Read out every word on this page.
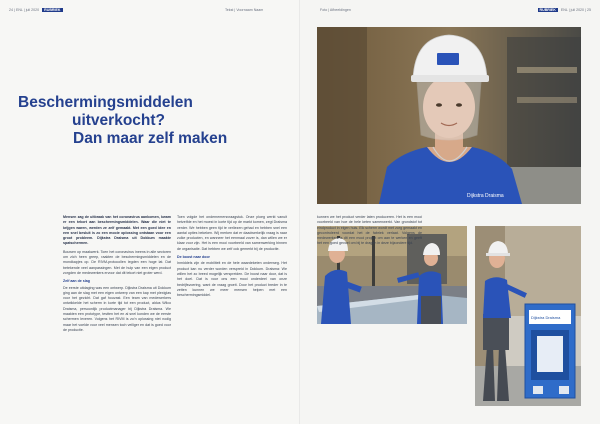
24 | ENL | juli 2020 RUBRIEK	Tekst | Voornaam Naam
Beschermingsmiddelen
uitverkocht?
Dan maar zelf maken

Mensen zag de uitbraak van het coronavirus aankomen, kwam er een tekort aan beschermingsmiddelen. Waar die niet te krijgen waren, werden ze zelf gemaakt. Met een goed idee en een snel besluit is zo een mooie oplossing ontstaan voor een groot probleem. Dijkstra Draisma uit Dokkum maakte spatschermen.

Bouwen op maakwerk. Toen het coronavirus ineens in alle sectoren om zich heen greep, raakten de beschermingsmiddelen en de mondkapjes op. De RIVM-protocollen legden een hoge lat. Dat betekende veel aanpassingen. Met de hulp van een eigen product zorgden de medewerkers ervoor dat dit tekort niet groter werd.

Zelf aan de slag

De eerste uitdaging was een ontwerp. Dijkstra Draisma uit Dokkum ging aan de slag met een eigen ontwerp van een kap met plexiglas voor het gezicht. Dat gaf houvast. Een team van medewerkers ontwikkelde het scherm in korte tijd tot een product, aldus Wilco Draisma, persoonlijk productmanager bij Dijkstra Draisma. We maakten een prototype, testten het en al snel konden we de eerste schermen leveren. Volgens het RIVM is zo'n oplossing niet nodig maar het voelde voor veel mensen toch veiliger en dat is goed voor de productie.

Toen volgde het ondernemersvraagstuk. Onze ploeg werkt vanuit hetzelfde en het moest in korte tijd op de markt komen, zegt Draisma verder. We hebben geen tijd te verliezen gehad en hebben snel een aantal opties bekeken. Wij merken dat er daadwerkelijk vraag is naar zulke producten, en wanneer het eenmaal zover is, dan willen we er klaar voor zijn. Het is een mooi voorbeeld van samenwerking binnen de organisatie. Dat hebben we zelf ook gemerkt bij de productie.

De boost naar door

Inmiddels zijn de mobiliteit en de hele waardeketen onderweg. Het product kan nu verder worden verspreid in Dokkum. Draisma: We willen het zo breed mogelijk verspreiden. De boost naar door, dat is het doel. Dat is voor ons een mooi onderdeel van onze bedrijfsvoering, want de vraag groeit. Door het product breder in te zetten kunnen we meer mensen helpen met een beschermingsmiddel.

Foto | Afbeeldingen	RUBRIEK ENL | juli 2020 | 25
Dijkstra Draisma
Dijkstra Draisma

kunnen we het product verder laten produceren. Het is een mooi voorbeeld van hoe de hele keten samenwerkt. Van grondstof tot eindproduct in eigen huis. Elk scherm wordt met zorg gemaakt en gecontroleerd voordat het de fabriek verlaat. Volgens de medewerkers is dit een mooi project om aan te werken en geeft het een goed gevoel om bij te dragen in deze bijzondere tijd.
